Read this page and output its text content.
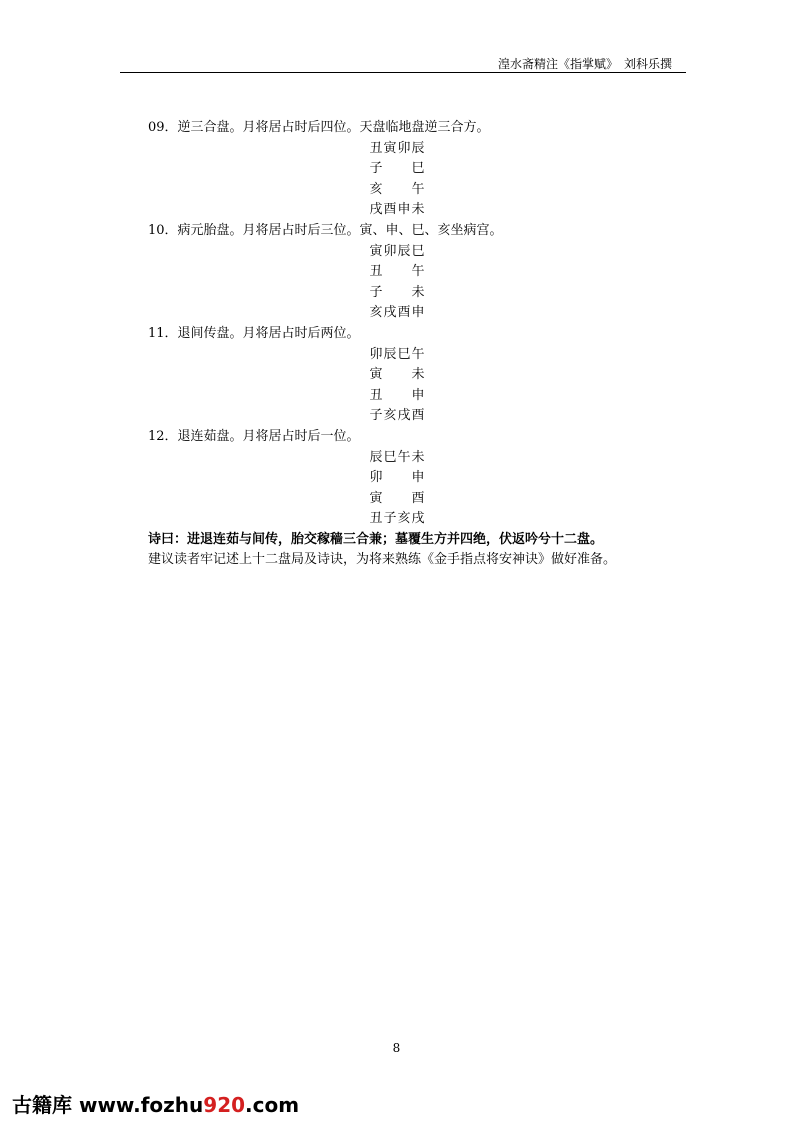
湟水斋精注《指掌赋》　刘科乐撰
09．逆三合盘。月将居占时后四位。天盘临地盘逆三合方。
丑寅卯辰
子 巳
亥 午
戌酉申未
10．病元胎盘。月将居占时后三位。寅、申、巳、亥坐病宫。
寅卯辰巳
丑 午
子 未
亥戌酉申
11．退间传盘。月将居占时后两位。
卯辰巳午
寅 未
丑 申
子亥戌酉
12．退连茹盘。月将居占时后一位。
辰巳午未
卯 申
寅 酉
丑子亥戌
诗曰：进退连茹与间传，胎交稼穑三合兼；墓覆生方并四绝，伏返吟兮十二盘。
建议读者牢记述上十二盘局及诗诀，为将来熟练《金手指点将安神诀》做好准备。
8
古籍库 www.fozhu920.com
